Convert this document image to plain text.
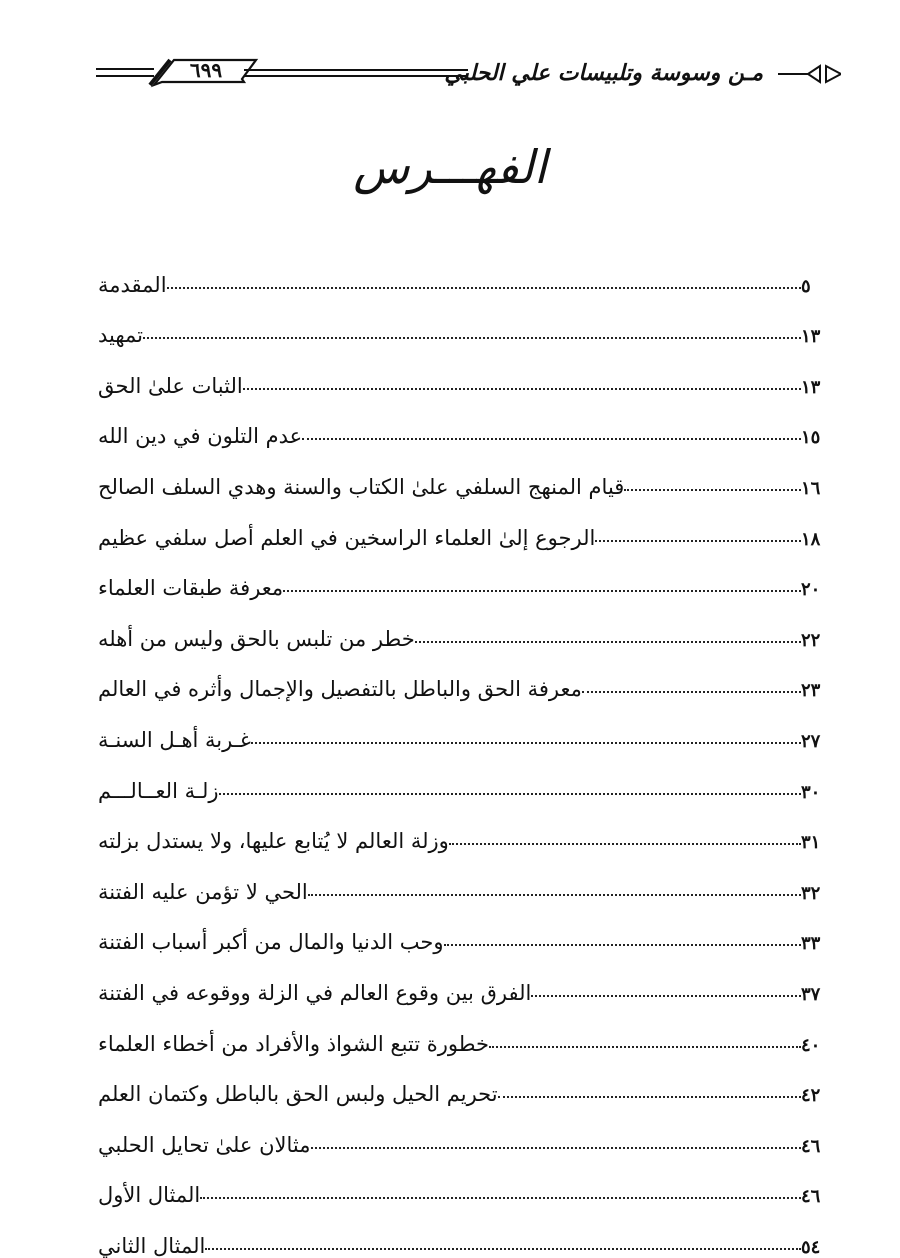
٦٩٩	مـن وسوسة وتلبيسات علي الحلبي
الفهـــرس
المقدمة	٥
تمهيد	١٣
الثبات علىٰ الحق	١٣
عدم التلون في دين الله	١٥
قيام المنهج السلفي علىٰ الكتاب والسنة وهدي السلف الصالح	١٦
الرجوع إلىٰ العلماء الراسخين في العلم أصل سلفي عظيم	١٨
معرفة طبقات العلماء	٢٠
خطر من تلبس بالحق وليس من أهله	٢٢
معرفة الحق والباطل بالتفصيل والإجمال وأثره في العالم	٢٣
غـربة أهـل السنـة	٢٧
زلـة العــالـــم	٣٠
وزلة العالم لا يُتابع عليها، ولا يستدل بزلته	٣١
الحي لا تؤمن عليه الفتنة	٣٢
وحب الدنيا والمال من أكبر أسباب الفتنة	٣٣
الفرق بين وقوع العالم في الزلة ووقوعه في الفتنة	٣٧
خطورة تتبع الشواذ والأفراد من أخطاء العلماء	٤٠
تحريم الحيل ولبس الحق بالباطل وكتمان العلم	٤٢
مثالان علىٰ تحايل الحلبي	٤٦
المثال الأول	٤٦
المثال الثاني	٥٤
